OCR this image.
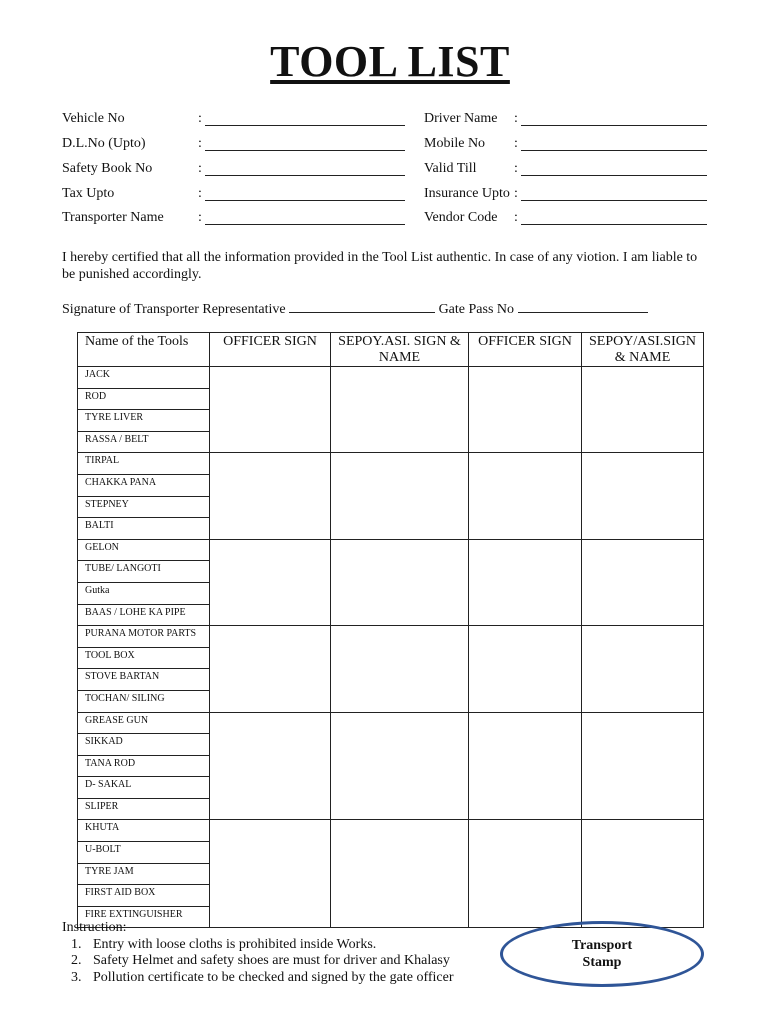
TOOL LIST
Vehicle No	:
D.L.No (Upto)	:
Safety Book No	:
Tax Upto	:
Transporter Name :
Driver Name :
Mobile No :
Valid Till	:
Insurance Upto :
Vendor Code :
I hereby certified that all the information provided in the Tool List authentic. In case of any viotion. I am liable to be punished accordingly.
Signature of Transporter Representative	Gate Pass No
Name of the Tools	OFFICER SIGN	SEPOY.ASI. SIGN & NAME	OFFICER SIGN	SEPOY/ASI.SIGN & NAME
JACK				
ROD				
TYRE LIVER				
RASSA / BELT				
TIRPAL				
CHAKKA PANA				
STEPNEY				
BALTI				
GELON				
TUBE/ LANGOTI				
Gutka				
BAAS / LOHE KA PIPE				
PURANA MOTOR PARTS				
TOOL BOX				
STOVE BARTAN				
TOCHAN/ SILING				
GREASE GUN				
SIKKAD				
TANA ROD				
D- SAKAL				
SLIPER				
KHUTA				
U-BOLT				
TYRE JAM				
FIRST AID BOX				
FIRE EXTINGUISHER				
Instruction:
1. Entry with loose cloths is prohibited inside Works.
2. Safety Helmet and safety shoes are must for driver and Khalasy
3. Pollution certificate to be checked and signed by the gate officer
Transport
Stamp
